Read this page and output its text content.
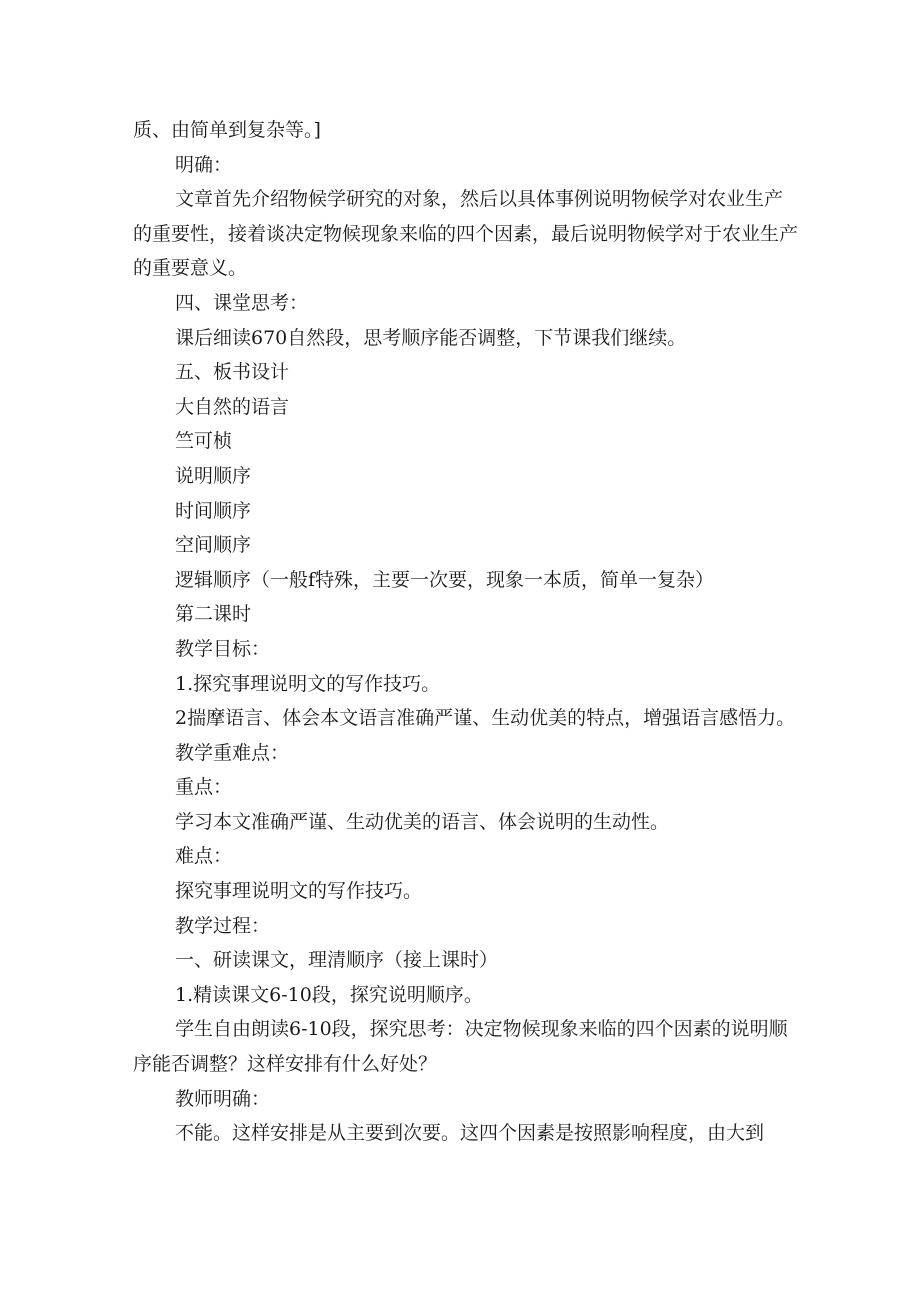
质、由简单到复杂等。]

明确：

文章首先介绍物候学研究的对象，然后以具体事例说明物候学对农业生产的重要性，接着谈决定物候现象来临的四个因素，最后说明物候学对于农业生产的重要意义。

四、课堂思考：

课后细读670自然段，思考顺序能否调整，下节课我们继续。

五、板书设计

大自然的语言

竺可桢

说明顺序

时间顺序

空间顺序

逻辑顺序（一般f特殊，主要一次要，现象一本质，简单一复杂）

第二课时

教学目标：

1.探究事理说明文的写作技巧。

2揣摩语言、体会本文语言准确严谨、生动优美的特点，增强语言感悟力。

教学重难点：

重点：

学习本文准确严谨、生动优美的语言、体会说明的生动性。

难点：

探究事理说明文的写作技巧。

教学过程：

一、研读课文，理清顺序（接上课时）

1.精读课文6-10段，探究说明顺序。

学生自由朗读6-10段，探究思考：决定物候现象来临的四个因素的说明顺序能否调整？这样安排有什么好处？

教师明确：

不能。这样安排是从主要到次要。这四个因素是按照影响程度，由大到
